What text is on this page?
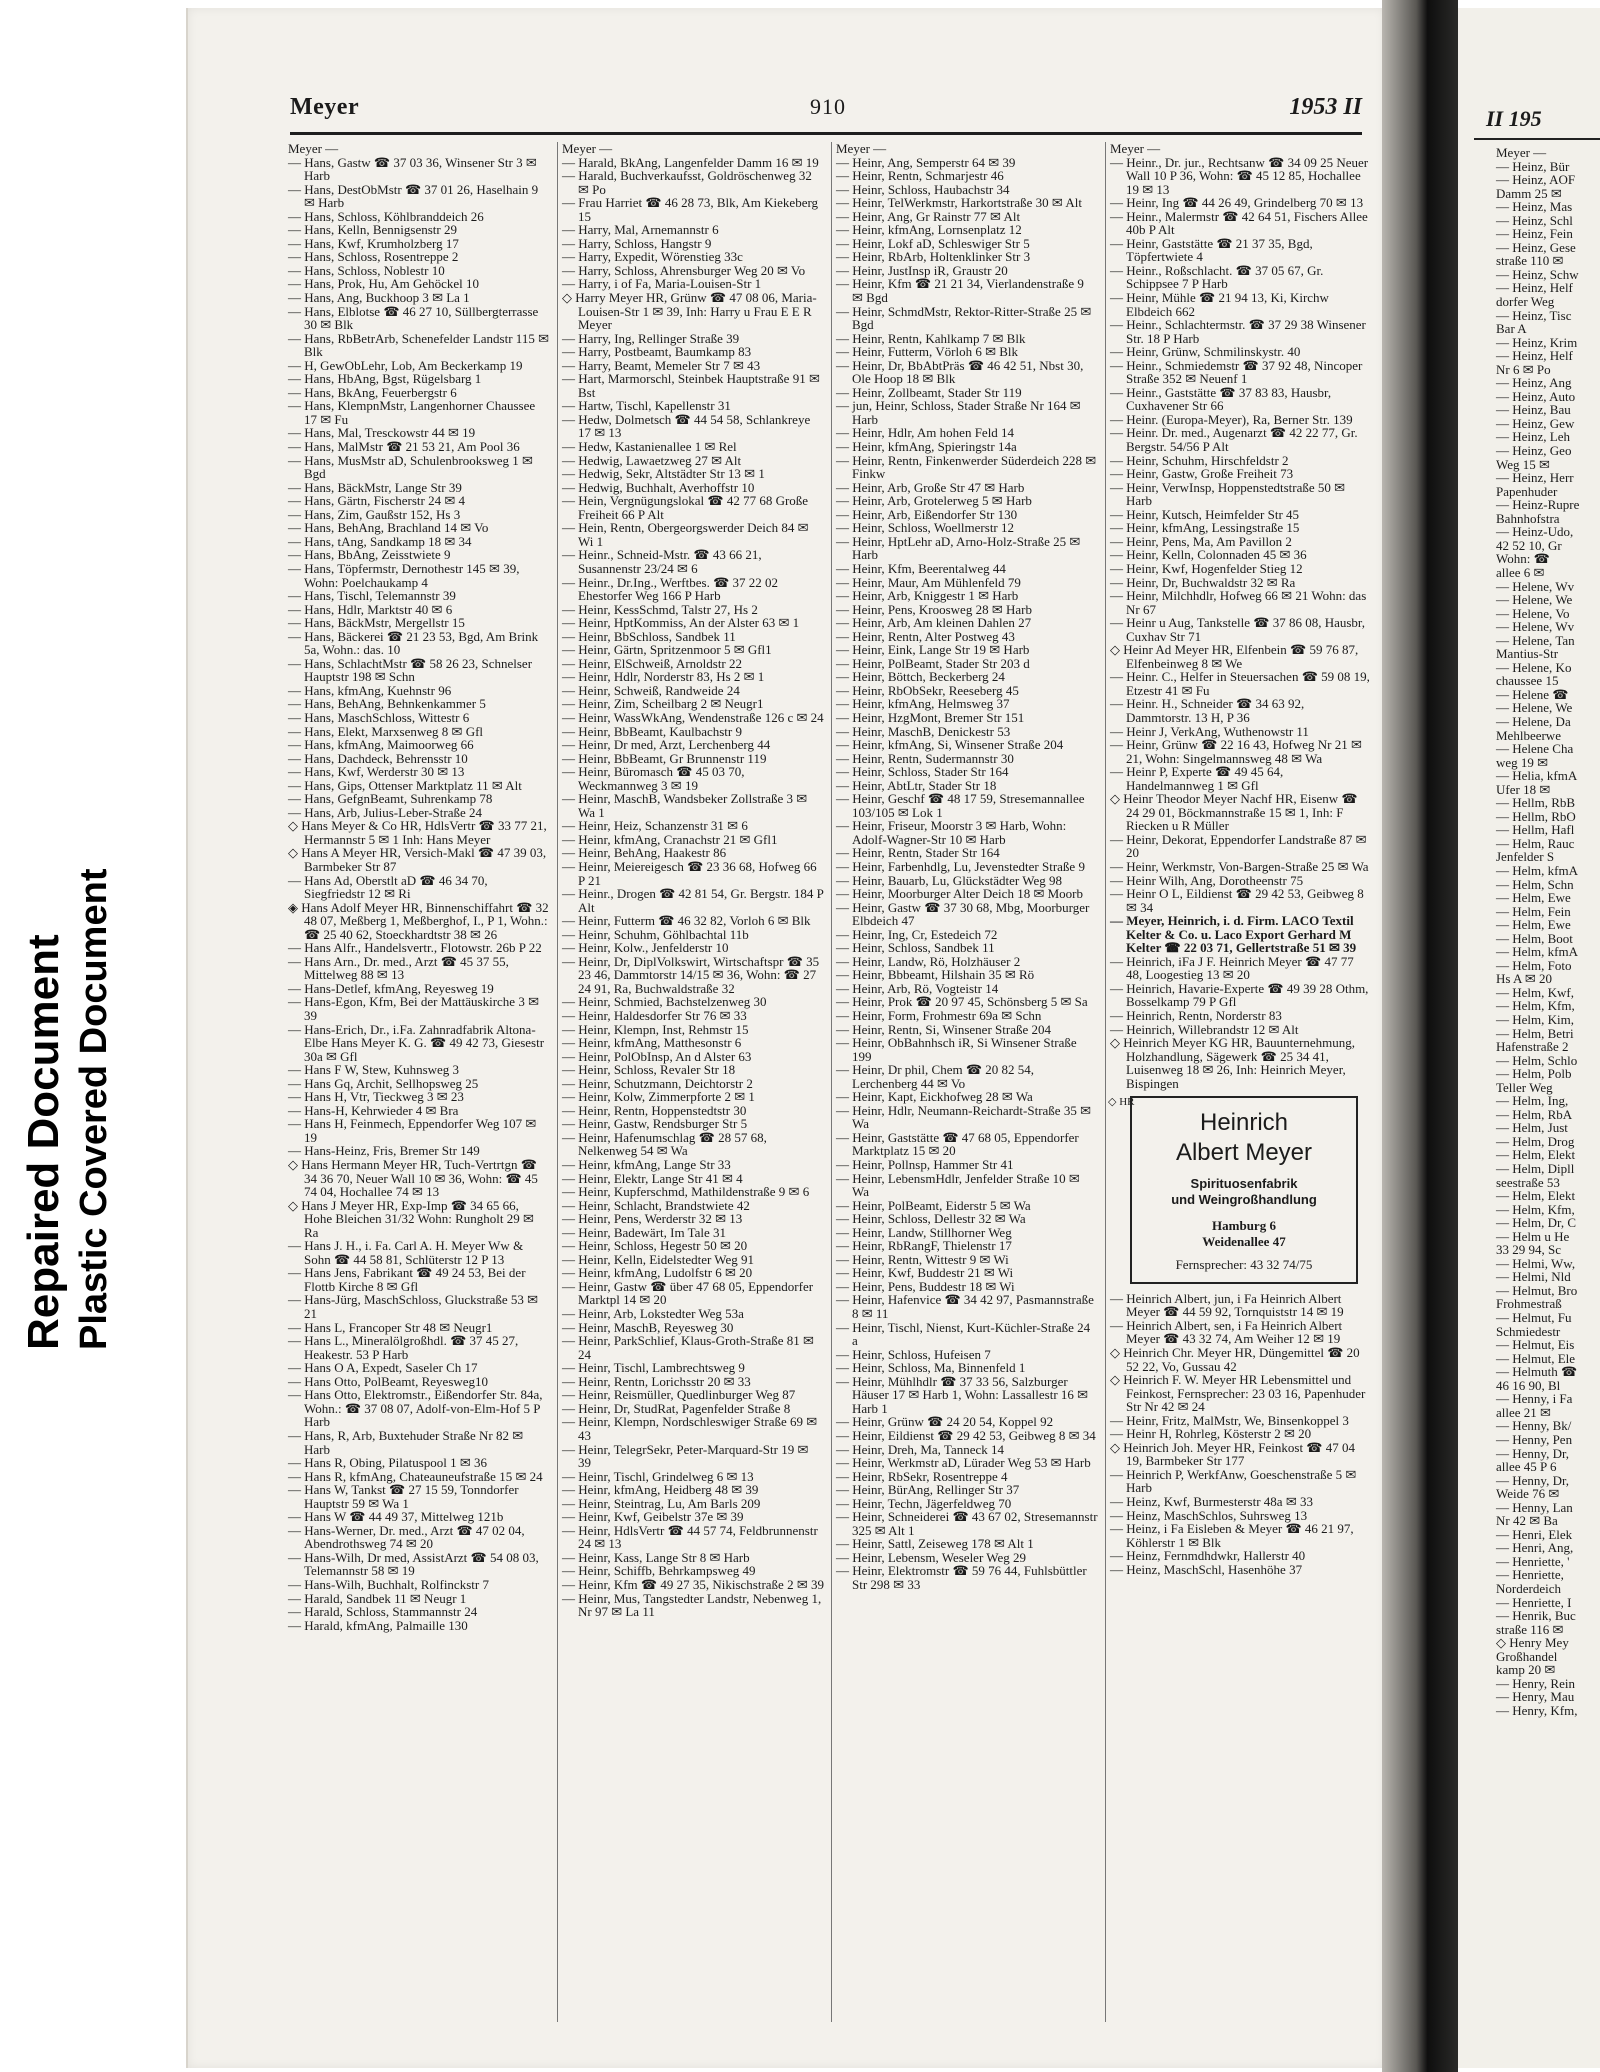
Repaired Document Plastic Covered Document
Meyer	910	1953 II
Meyer —
— Hans, Gastw ☎ 37 03 36, Winsener Str 3 ✉ Harb
— Hans, DestObMstr ☎ 37 01 26, Haselhain 9 ✉ Harb
— Hans, Schloss, Köhlbranddeich 26
— Hans, Kelln, Bennigsenstr 29
— Hans, Kwf, Krumholzberg 17
— Hans, Schloss, Rosentreppe 2
— Hans, Schloss, Noblestr 10
— Hans, Prok, Hu, Am Gehöckel 10
— Hans, Ang, Buckhoop 3 ✉ La 1
— Hans, Elblotse ☎ 46 27 10, Süllbergterrasse 30 ✉ Blk
— Hans, RbBetrArb, Schenefelder Landstr 115 ✉ Blk
— H, GewObLehr, Lob, Am Beckerkamp 19
— Hans, HbAng, Bgst, Rügelsbarg 1
— Hans, BkAng, Feuerbergstr 6
— Hans, KlempnMstr, Langenhorner Chaussee 17 ✉ Fu
— Hans, Mal, Tresckowstr 44 ✉ 19
— Hans, MalMstr ☎ 21 53 21, Am Pool 36
— Hans, MusMstr aD, Schulenbrooksweg 1 ✉ Bgd
— Hans, BäckMstr, Lange Str 39
— Hans, Gärtn, Fischerstr 24 ✉ 4
— Hans, Zim, Gaußstr 152, Hs 3
— Hans, BehAng, Brachland 14 ✉ Vo
— Hans, tAng, Sandkamp 18 ✉ 34
— Hans, BbAng, Zeisstwiete 9
— Hans, Töpfermstr, Dernothestr 145 ✉ 39, Wohn: Poelchaukamp 4
— Hans, Tischl, Telemannstr 39
— Hans, Hdlr, Marktstr 40 ✉ 6
— Hans, BäckMstr, Mergellstr 15
— Hans, Bäckerei ☎ 21 23 53, Bgd, Am Brink 5a, Wohn.: das. 10
— Hans, SchlachtMstr ☎ 58 26 23, Schnelser Hauptstr 198 ✉ Schn
— Hans, kfmAng, Kuehnstr 96
— Hans, BehAng, Behnkenkammer 5
— Hans, MaschSchloss, Wittestr 6
— Hans, Elekt, Marxsenweg 8 ✉ Gfl
— Hans, kfmAng, Maimoorweg 66
— Hans, Dachdeck, Behrensstr 10
— Hans, Kwf, Werderstr 30 ✉ 13
— Hans, Gips, Ottenser Marktplatz 11 ✉ Alt
— Hans, GefgnBeamt, Suhrenkamp 78
— Hans, Arb, Julius-Leber-Straße 24
◇ Hans Meyer & Co HR, HdlsVertr ☎ 33 77 21, Hermannstr 5 ✉ 1 Inh: Hans Meyer
◇ Hans A Meyer HR, Versich-Makl ☎ 47 39 03, Barmbeker Str 87
— Hans Ad, Oberstlt aD ☎ 46 34 70, Siegfriedstr 12 ✉ Ri
◈ Hans Adolf Meyer HR, Binnenschiffahrt ☎ 32 48 07, Meßberg 1, Meßberghof, I., P 1, Wohn.: ☎ 25 40 62, Stoeckhardtstr 38 ✉ 26
— Hans Alfr., Handelsvertr., Flotowstr. 26b P 22
— Hans Arn., Dr. med., Arzt ☎ 45 37 55, Mittelweg 88 ✉ 13
— Hans-Detlef, kfmAng, Reyesweg 19
— Hans-Egon, Kfm, Bei der Mattäuskirche 3 ✉ 39
— Hans-Erich, Dr., i.Fa. Zahnradfabrik Altona-Elbe Hans Meyer K. G. ☎ 49 42 73, Giesestr 30a ✉ Gfl
— Hans F W, Stew, Kuhnsweg 3
— Hans Gq, Archit, Sellhopsweg 25
— Hans H, Vtr, Tieckweg 3 ✉ 23
— Hans-H, Kehrwieder 4 ✉ Bra
— Hans H, Feinmech, Eppendorfer Weg 107 ✉ 19
— Hans-Heinz, Fris, Bremer Str 149
◇ Hans Hermann Meyer HR, Tuch-Vertrtgn ☎ 34 36 70, Neuer Wall 10 ✉ 36, Wohn: ☎ 45 74 04, Hochallee 74 ✉ 13
◇ Hans J Meyer HR, Exp-Imp ☎ 34 65 66, Hohe Bleichen 31/32 Wohn: Rungholt 29 ✉ Ra
— Hans J. H., i. Fa. Carl A. H. Meyer Ww & Sohn ☎ 44 58 81, Schlüterstr 12 P 13
— Hans Jens, Fabrikant ☎ 49 24 53, Bei der Flottb Kirche 8 ✉ Gfl
— Hans-Jürg, MaschSchloss, Gluckstraße 53 ✉ 21
— Hans L, Francoper Str 48 ✉ Neugr1
— Hans L., Mineralölgroßhdl. ☎ 37 45 27, Heakestr. 53 P Harb
— Hans O A, Expedt, Saseler Ch 17
— Hans Otto, PolBeamt, Reyesweg10
— Hans Otto, Elektromstr., Eißendorfer Str. 84a, Wohn.: ☎ 37 08 07, Adolf-von-Elm-Hof 5 P Harb
— Hans, R, Arb, Buxtehuder Straße Nr 82 ✉ Harb
— Hans R, Obing, Pilatuspool 1 ✉ 36
— Hans R, kfmAng, Chateauneufstraße 15 ✉ 24
— Hans W, Tankst ☎ 27 15 59, Tonndorfer Hauptstr 59 ✉ Wa 1
— Hans W ☎ 44 49 37, Mittelweg 121b
— Hans-Werner, Dr. med., Arzt ☎ 47 02 04, Abendrothsweg 74 ✉ 20
— Hans-Wilh, Dr med, AssistArzt ☎ 54 08 03, Telemannstr 58 ✉ 19
— Hans-Wilh, Buchhalt, Rolfinckstr 7
— Harald, Sandbek 11 ✉ Neugr 1
— Harald, Schloss, Stammannstr 24
— Harald, kfmAng, Palmaille 130
Meyer —
— Harald, BkAng, Langenfelder Damm 16 ✉ 19
— Harald, Buchverkaufsst, Goldröschenweg 32 ✉ Po
— Frau Harriet ☎ 46 28 73, Blk, Am Kiekeberg 15
— Harry, Mal, Arnemannstr 6
— Harry, Schloss, Hangstr 9
— Harry, Expedit, Wörenstieg 33c
— Harry, Schloss, Ahrensburger Weg 20 ✉ Vo
— Harry, i of Fa, Maria-Louisen-Str 1
◇ Harry Meyer HR, Grünw ☎ 47 08 06, Maria-Louisen-Str 1 ✉ 39, Inh: Harry u Frau E E R Meyer
— Harry, Ing, Rellinger Straße 39
— Harry, Postbeamt, Baumkamp 83
— Harry, Beamt, Memeler Str 7 ✉ 43
— Hart, Marmorschl, Steinbek Hauptstraße 91 ✉ Bst
— Hartw, Tischl, Kapellenstr 31
— Hedw, Dolmetsch ☎ 44 54 58, Schlankreye 17 ✉ 13
— Hedw, Kastanienallee 1 ✉ Rel
— Hedwig, Lawaetzweg 27 ✉ Alt
— Hedwig, Sekr, Altstädter Str 13 ✉ 1
— Hedwig, Buchhalt, Averhoffstr 10
— Hein, Vergnügungslokal ☎ 42 77 68 Große Freiheit 66 P Alt
— Hein, Rentn, Obergeorgswerder Deich 84 ✉ Wi 1
— Heinr., Schneid-Mstr. ☎ 43 66 21, Susannenstr 23/24 ✉ 6
— Heinr., Dr.Ing., Werftbes. ☎ 37 22 02 Ehestorfer Weg 166 P Harb
— Heinr, KessSchmd, Talstr 27, Hs 2
— Heinr, HptKommiss, An der Alster 63 ✉ 1
— Heinr, BbSchloss, Sandbek 11
— Heinr, Gärtn, Spritzenmoor 5 ✉ Gfl1
— Heinr, ElSchweiß, Arnoldstr 22
— Heinr, Hdlr, Norderstr 83, Hs 2 ✉ 1
— Heinr, Schweiß, Randweide 24
— Heinr, Zim, Scheilbarg 2 ✉ Neugr1
— Heinr, WassWkAng, Wendenstraße 126 c ✉ 24
— Heinr, BbBeamt, Kaulbachstr 9
— Heinr, Dr med, Arzt, Lerchenberg 44
— Heinr, BbBeamt, Gr Brunnenstr 119
— Heinr, Büromasch ☎ 45 03 70, Weckmannweg 3 ✉ 19
— Heinr, MaschB, Wandsbeker Zollstraße 3 ✉ Wa 1
— Heinr, Heiz, Schanzenstr 31 ✉ 6
— Heinr, kfmAng, Cranachstr 21 ✉ Gfl1
— Heinr, BehAng, Haakestr 86
— Heinr, Meiereigesch ☎ 23 36 68, Hofweg 66 P 21
— Heinr., Drogen ☎ 42 81 54, Gr. Bergstr. 184 P Alt
— Heinr, Futterm ☎ 46 32 82, Vorloh 6 ✉ Blk
— Heinr, Schuhm, Göhlbachtal 11b
— Heinr, Kolw., Jenfelderstr 10
— Heinr, Dr, DiplVolkswirt, Wirtschaftspr ☎ 35 23 46, Dammtorstr 14/15 ✉ 36, Wohn: ☎ 27 24 91, Ra, Buchwaldstraße 32
— Heinr, Schmied, Bachstelzenweg 30
— Heinr, Haldesdorfer Str 76 ✉ 33
— Heinr, Klempn, Inst, Rehmstr 15
— Heinr, kfmAng, Matthesonstr 6
— Heinr, PolObInsp, An d Alster 63
— Heinr, Schloss, Revaler Str 18
— Heinr, Schutzmann, Deichtorstr 2
— Heinr, Kolw, Zimmerpforte 2 ✉ 1
— Heinr, Rentn, Hoppenstedtstr 30
— Heinr, Gastw, Rendsburger Str 5
— Heinr, Hafenumschlag ☎ 28 57 68, Nelkenweg 54 ✉ Wa
— Heinr, kfmAng, Lange Str 33
— Heinr, Elektr, Lange Str 41 ✉ 4
— Heinr, Kupferschmd, Mathildenstraße 9 ✉ 6
— Heinr, Schlacht, Brandstwiete 42
— Heinr, Pens, Werderstr 32 ✉ 13
— Heinr, Badewärt, Im Tale 31
— Heinr, Schloss, Hegestr 50 ✉ 20
— Heinr, Kelln, Eidelstedter Weg 91
— Heinr, kfmAng, Ludolfstr 6 ✉ 20
— Heinr, Gastw ☎ über 47 68 05, Eppendorfer Marktpl 14 ✉ 20
— Heinr, Arb, Lokstedter Weg 53a
— Heinr, MaschB, Reyesweg 30
— Heinr, ParkSchlief, Klaus-Groth-Straße 81 ✉ 24
— Heinr, Tischl, Lambrechtsweg 9
— Heinr, Rentn, Lorichsstr 20 ✉ 33
— Heinr, Reismüller, Quedlinburger Weg 87
— Heinr, Dr, StudRat, Pagenfelder Straße 8
— Heinr, Klempn, Nordschleswiger Straße 69 ✉ 43
— Heinr, TelegrSekr, Peter-Marquard-Str 19 ✉ 39
— Heinr, Tischl, Grindelweg 6 ✉ 13
— Heinr, kfmAng, Heidberg 48 ✉ 39
— Heinr, Steintrag, Lu, Am Barls 209
— Heinr, Kwf, Geibelstr 37e ✉ 39
— Heinr, HdlsVertr ☎ 44 57 74, Feldbrunnenstr 24 ✉ 13
— Heinr, Kass, Lange Str 8 ✉ Harb
— Heinr, Schiffb, Behrkampsweg 49
— Heinr, Kfm ☎ 49 27 35, Nikischstraße 2 ✉ 39
— Heinr, Mus, Tangstedter Landstr, Nebenweg 1, Nr 97 ✉ La 11
Meyer —
— Heinr, Ang, Semperstr 64 ✉ 39
— Heinr, Rentn, Schmarjestr 46
— Heinr, Schloss, Haubachstr 34
— Heinr, TelWerkmstr, Harkortstraße 30 ✉ Alt
— Heinr, Ang, Gr Rainstr 77 ✉ Alt
— Heinr, kfmAng, Lornsenplatz 12
— Heinr, Lokf aD, Schleswiger Str 5
— Heinr, RbArb, Holtenklinker Str 3
— Heinr, JustInsp iR, Graustr 20
— Heinr, Kfm ☎ 21 21 34, Vierlandenstraße 9 ✉ Bgd
— Heinr, SchmdMstr, Rektor-Ritter-Straße 25 ✉ Bgd
— Heinr, Rentn, Kahlkamp 7 ✉ Blk
— Heinr, Futterm, Vörloh 6 ✉ Blk
— Heinr, Dr, BbAbtPräs ☎ 46 42 51, Nbst 30, Ole Hoop 18 ✉ Blk
— Heinr, Zollbeamt, Stader Str 119
— jun, Heinr, Schloss, Stader Straße Nr 164 ✉ Harb
— Heinr, Hdlr, Am hohen Feld 14
— Heinr, kfmAng, Spieringstr 14a
— Heinr, Rentn, Finkenwerder Süderdeich 228 ✉ Finkw
— Heinr, Arb, Große Str 47 ✉ Harb
— Heinr, Arb, Grotelerweg 5 ✉ Harb
— Heinr, Arb, Eißendorfer Str 130
— Heinr, Schloss, Woellmerstr 12
— Heinr, HptLehr aD, Arno-Holz-Straße 25 ✉ Harb
— Heinr, Kfm, Beerentalweg 44
— Heinr, Maur, Am Mühlenfeld 79
— Heinr, Arb, Kniggestr 1 ✉ Harb
— Heinr, Pens, Kroosweg 28 ✉ Harb
— Heinr, Arb, Am kleinen Dahlen 27
— Heinr, Rentn, Alter Postweg 43
— Heinr, Eink, Lange Str 19 ✉ Harb
— Heinr, PolBeamt, Stader Str 203 d
— Heinr, Böttch, Beckerberg 24
— Heinr, RbObSekr, Reeseberg 45
— Heinr, kfmAng, Helmsweg 37
— Heinr, HzgMont, Bremer Str 151
— Heinr, MaschB, Denickestr 53
— Heinr, kfmAng, Si, Winsener Straße 204
— Heinr, Rentn, Sudermannstr 30
— Heinr, Schloss, Stader Str 164
— Heinr, AbtLtr, Stader Str 18
— Heinr, Geschf ☎ 48 17 59, Stresemannallee 103/105 ✉ Lok 1
— Heinr, Friseur, Moorstr 3 ✉ Harb, Wohn: Adolf-Wagner-Str 10 ✉ Harb
— Heinr, Rentn, Stader Str 164
— Heinr, Farbenhdlg, Lu, Jevenstedter Straße 9
— Heinr, Bauarb, Lu, Glückstädter Weg 98
— Heinr, Moorburger Alter Deich 18 ✉ Moorb
— Heinr, Gastw ☎ 37 30 68, Mbg, Moorburger Elbdeich 47
— Heinr, Ing, Cr, Estedeich 72
— Heinr, Schloss, Sandbek 11
— Heinr, Landw, Rö, Holzhäuser 2
— Heinr, Bbbeamt, Hilshain 35 ✉ Rö
— Heinr, Arb, Rö, Vogteistr 14
— Heinr, Prok ☎ 20 97 45, Schönsberg 5 ✉ Sa
— Heinr, Form, Frohmestr 69a ✉ Schn
— Heinr, Rentn, Si, Winsener Straße 204
— Heinr, ObBahnhsch iR, Si Winsener Straße 199
— Heinr, Dr phil, Chem ☎ 20 82 54, Lerchenberg 44 ✉ Vo
— Heinr, Kapt, Eickhofweg 28 ✉ Wa
— Heinr, Hdlr, Neumann-Reichardt-Straße 35 ✉ Wa
— Heinr, Gaststätte ☎ 47 68 05, Eppendorfer Marktplatz 15 ✉ 20
— Heinr, Pollnsp, Hammer Str 41
— Heinr, LebensmHdlr, Jenfelder Straße 10 ✉ Wa
— Heinr, PolBeamt, Eiderstr 5 ✉ Wa
— Heinr, Schloss, Dellestr 32 ✉ Wa
— Heinr, Landw, Stillhorner Weg
— Heinr, RbRangF, Thielenstr 17
— Heinr, Rentn, Wittestr 9 ✉ Wi
— Heinr, Kwf, Buddestr 21 ✉ Wi
— Heinr, Pens, Buddestr 18 ✉ Wi
— Heinr, Hafenvice ☎ 34 42 97, Pasmannstraße 8 ✉ 11
— Heinr, Tischl, Nienst, Kurt-Küchler-Straße 24 a
— Heinr, Schloss, Hufeisen 7
— Heinr, Schloss, Ma, Binnenfeld 1
— Heinr, Mühlhdlr ☎ 37 33 56, Salzburger Häuser 17 ✉ Harb 1, Wohn: Lassallestr 16 ✉ Harb 1
— Heinr, Grünw ☎ 24 20 54, Koppel 92
— Heinr, Eildienst ☎ 29 42 53, Geibweg 8 ✉ 34
— Heinr, Dreh, Ma, Tanneck 14
— Heinr, Werkmstr aD, Lürader Weg 53 ✉ Harb
— Heinr, RbSekr, Rosentreppe 4
— Heinr, BürAng, Rellinger Str 37
— Heinr, Techn, Jägerfeldweg 70
— Heinr, Schneiderei ☎ 43 67 02, Stresemannstr 325 ✉ Alt 1
— Heinr, Sattl, Zeiseweg 178 ✉ Alt 1
— Heinr, Lebensm, Weseler Weg 29
— Heinr, Elektromstr ☎ 59 76 44, Fuhlsbüttler Str 298 ✉ 33
Meyer —
— Heinr., Dr. jur., Rechtsanw ☎ 34 09 25 Neuer Wall 10 P 36, Wohn: ☎ 45 12 85, Hochallee 19 ✉ 13
— Heinr, Ing ☎ 44 26 49, Grindelberg 70 ✉ 13
— Heinr., Malermstr ☎ 42 64 51, Fischers Allee 40b P Alt
— Heinr, Gaststätte ☎ 21 37 35, Bgd, Töpfertwiete 4
— Heinr., Roßschlacht. ☎ 37 05 67, Gr. Schippsee 7 P Harb
— Heinr, Mühle ☎ 21 94 13, Ki, Kirchw Elbdeich 662
— Heinr., Schlachtermstr. ☎ 37 29 38 Winsener Str. 18 P Harb
— Heinr, Grünw, Schmilinskystr. 40
— Heinr., Schmiedemstr ☎ 37 92 48, Nincoper Straße 352 ✉ Neuenf 1
— Heinr., Gaststätte ☎ 37 83 83, Hausbr, Cuxhavener Str 66
— Heinr. (Europa-Meyer), Ra, Berner Str. 139
— Heinr. Dr. med., Augenarzt ☎ 42 22 77, Gr. Bergstr. 54/56 P Alt
— Heinr, Schuhm, Hirschfeldstr 2
— Heinr, Gastw, Große Freiheit 73
— Heinr, VerwInsp, Hoppenstedtstraße 50 ✉ Harb
— Heinr, Kutsch, Heimfelder Str 45
— Heinr, kfmAng, Lessingstraße 15
— Heinr, Pens, Ma, Am Pavillon 2
— Heinr, Kelln, Colonnaden 45 ✉ 36
— Heinr, Kwf, Hogenfelder Stieg 12
— Heinr, Dr, Buchwaldstr 32 ✉ Ra
— Heinr, Milchhdlr, Hofweg 66 ✉ 21 Wohn: das Nr 67
— Heinr u Aug, Tankstelle ☎ 37 86 08, Hausbr, Cuxhav Str 71
◇ Heinr Ad Meyer HR, Elfenbein ☎ 59 76 87, Elfenbeinweg 8 ✉ We
— Heinr. C., Helfer in Steuersachen ☎ 59 08 19, Etzestr 41 ✉ Fu
— Heinr. H., Schneider ☎ 34 63 92, Dammtorstr. 13 H, P 36
— Heinr J, VerkAng, Wuthenowstr 11
— Heinr, Grünw ☎ 22 16 43, Hofweg Nr 21 ✉ 21, Wohn: Singelmannsweg 48 ✉ Wa
— Heinr P, Experte ☎ 49 45 64, Handelmannweg 1 ✉ Gfl
◇ Heinr Theodor Meyer Nachf HR, Eisenw ☎ 24 29 01, Böckmannstraße 15 ✉ 1, Inh: F Riecken u R Müller
— Heinr, Dekorat, Eppendorfer Landstraße 87 ✉ 20
— Heinr, Werkmstr, Von-Bargen-Straße 25 ✉ Wa
— Heinr Wilh, Ang, Dorotheenstr 75
— Heinr O L, Eildienst ☎ 29 42 53, Geibweg 8 ✉ 34
— Meyer, Heinrich, i. d. Firm. LACO Textil Kelter & Co. u. Laco Export Gerhard M Kelter ☎ 22 03 71, Gellertstraße 51 ✉ 39
— Heinrich, iFa J F. Heinrich Meyer ☎ 47 77 48, Loogestieg 13 ✉ 20
— Heinrich, Havarie-Experte ☎ 49 39 28 Othm, Bosselkamp 79 P Gfl
— Heinrich, Rentn, Norderstr 83
— Heinrich, Willebrandstr 12 ✉ Alt
◇ Heinrich Meyer KG HR, Bauunternehmung, Holzhandlung, Sägewerk ☎ 25 34 41, Luisenweg 18 ✉ 26, Inh: Heinrich Meyer, Bispingen
◇ HR
Heinrich
Albert Meyer
Spirituosenfabrik
und Weingroßhandlung
Hamburg 6
Weidenallee 47
Fernsprecher: 43 32 74/75
— Heinrich Albert, jun, i Fa Heinrich Albert Meyer ☎ 44 59 92, Tornquiststr 14 ✉ 19
— Heinrich Albert, sen, i Fa Heinrich Albert Meyer ☎ 43 32 74, Am Weiher 12 ✉ 19
◇ Heinrich Chr. Meyer HR, Düngemittel ☎ 20 52 22, Vo, Gussau 42
◇ Heinrich F. W. Meyer HR Lebensmittel und Feinkost, Fernsprecher: 23 03 16, Papenhuder Str Nr 42 ✉ 24
— Heinr, Fritz, MalMstr, We, Binsenkoppel 3
— Heinr H, Rohrleg, Kösterstr 2 ✉ 20
◇ Heinrich Joh. Meyer HR, Feinkost ☎ 47 04 19, Barmbeker Str 177
— Heinrich P, WerkfAnw, Goeschenstraße 5 ✉ Harb
— Heinz, Kwf, Burmesterstr 48a ✉ 33
— Heinz, MaschSchlos, Suhrsweg 13
— Heinz, i Fa Eisleben & Meyer ☎ 46 21 97, Köhlerstr 1 ✉ Blk
— Heinz, Fernmdhdwkr, Hallerstr 40
— Heinz, MaschSchl, Hasenhöhe 37
II 195
Meyer —
— Heinz, Bür
— Heinz, AOF
Damm 25 ✉
— Heinz, Mas
— Heinz, Schl
— Heinz, Fein
— Heinz, Gese
straße 110 ✉
— Heinz, Schw
— Heinz, Helf
dorfer Weg
— Heinz, Tisc
Bar A
— Heinz, Krim
— Heinz, Helf
Nr 6 ✉ Po
— Heinz, Ang
— Heinz, Auto
— Heinz, Bau
— Heinz, Gew
— Heinz, Leh
— Heinz, Geo
Weg 15 ✉
— Heinz, Herr
Papenhuder
— Heinz-Rupre
Bahnhofstra
— Heinz-Udo,
42 52 10, Gr
Wohn: ☎
allee 6 ✉
— Helene, Wv
— Helene, We
— Helene, Vo
— Helene, Wv
— Helene, Tan
Mantius-Str
— Helene, Ko
chaussee 15
— Helene ☎
— Helene, We
— Helene, Da
Mehlbeerwe
— Helene Cha
weg 19 ✉
— Helia, kfmA
Ufer 18 ✉
— Hellm, RbB
— Hellm, RbO
— Hellm, Hafl
— Helm, Rauc
Jenfelder S
— Helm, kfmA
— Helm, Schn
— Helm, Ewe
— Helm, Fein
— Helm, Ewe
— Helm, Boot
— Helm, kfmA
— Helm, Foto
Hs A ✉ 20
— Helm, Kwf,
— Helm, Kfm,
— Helm, Kim,
— Helm, Betri
Hafenstraße 2
— Helm, Schlo
— Helm, Polb
Teller Weg
— Helm, Ing,
— Helm, RbA
— Helm, Just
— Helm, Drog
— Helm, Elekt
— Helm, Dipll
seestraße 53
— Helm, Elekt
— Helm, Kfm,
— Helm, Dr, C
— Helm u He
33 29 94, Sc
— Helmi, Ww,
— Helmi, Nld
— Helmut, Bro
Frohmestraß
— Helmut, Fu
Schmiedestr
— Helmut, Eis
— Helmut, Ele
— Helmuth ☎
46 16 90, Bl
— Henny, i Fa
allee 21 ✉
— Henny, Bk/
— Henny, Pen
— Henny, Dr,
allee 45 P 6
— Henny, Dr,
Weide 76 ✉
— Henny, Lan
Nr 42 ✉ Ba
— Henri, Elek
— Henri, Ang,
— Henriette, '
— Henriette,
Norderdeich
— Henriette, I
— Henrik, Buc
straße 116 ✉
◇ Henry Mey
Großhandel
kamp 20 ✉
— Henry, Rein
— Henry, Mau
— Henry, Kfm,
